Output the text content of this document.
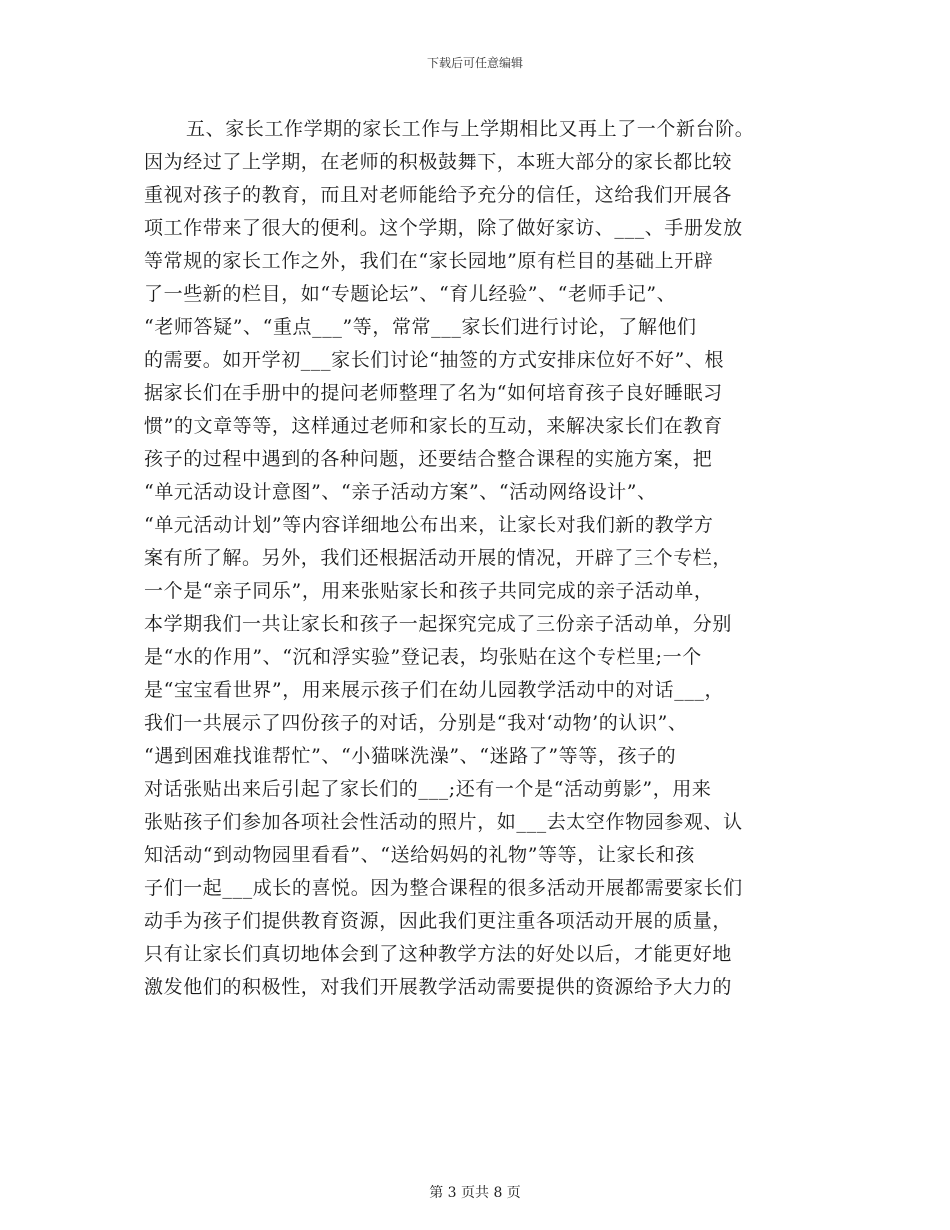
下载后可任意编辑
五、家长工作学期的家长工作与上学期相比又再上了一个新台阶。
因为经过了上学期，在老师的积极鼓舞下，本班大部分的家长都比较
重视对孩子的教育，而且对老师能给予充分的信任，这给我们开展各
项工作带来了很大的便利。这个学期，除了做好家访、___、手册发放
等常规的家长工作之外，我们在“家长园地”原有栏目的基础上开辟
了一些新的栏目，如“专题论坛”、“育儿经验”、“老师手记”、
“老师答疑”、“重点___”等，常常___家长们进行讨论，了解他们
的需要。如开学初___家长们讨论“抽签的方式安排床位好不好”、根
据家长们在手册中的提问老师整理了名为“如何培育孩子良好睡眠习
惯”的文章等等，这样通过老师和家长的互动，来解决家长们在教育
孩子的过程中遇到的各种问题，还要结合整合课程的实施方案，把
“单元活动设计意图”、“亲子活动方案”、“活动网络设计”、
“单元活动计划”等内容详细地公布出来，让家长对我们新的教学方
案有所了解。另外，我们还根据活动开展的情况，开辟了三个专栏，
一个是“亲子同乐”，用来张贴家长和孩子共同完成的亲子活动单，
本学期我们一共让家长和孩子一起探究完成了三份亲子活动单，分别
是“水的作用”、“沉和浮实验”登记表，均张贴在这个专栏里;一个
是“宝宝看世界”，用来展示孩子们在幼儿园教学活动中的对话___，
我们一共展示了四份孩子的对话，分别是“我对‘动物’的认识”、
“遇到困难找谁帮忙”、“小猫咪洗澡”、“迷路了”等等，孩子的
对话张贴出来后引起了家长们的___;还有一个是“活动剪影”，用来
张贴孩子们参加各项社会性活动的照片，如___去太空作物园参观、认
知活动“到动物园里看看”、“送给妈妈的礼物”等等，让家长和孩
子们一起___成长的喜悦。因为整合课程的很多活动开展都需要家长们
动手为孩子们提供教育资源，因此我们更注重各项活动开展的质量，
只有让家长们真切地体会到了这种教学方法的好处以后，才能更好地
激发他们的积极性，对我们开展教学活动需要提供的资源给予大力的
第 3 页共 8 页
